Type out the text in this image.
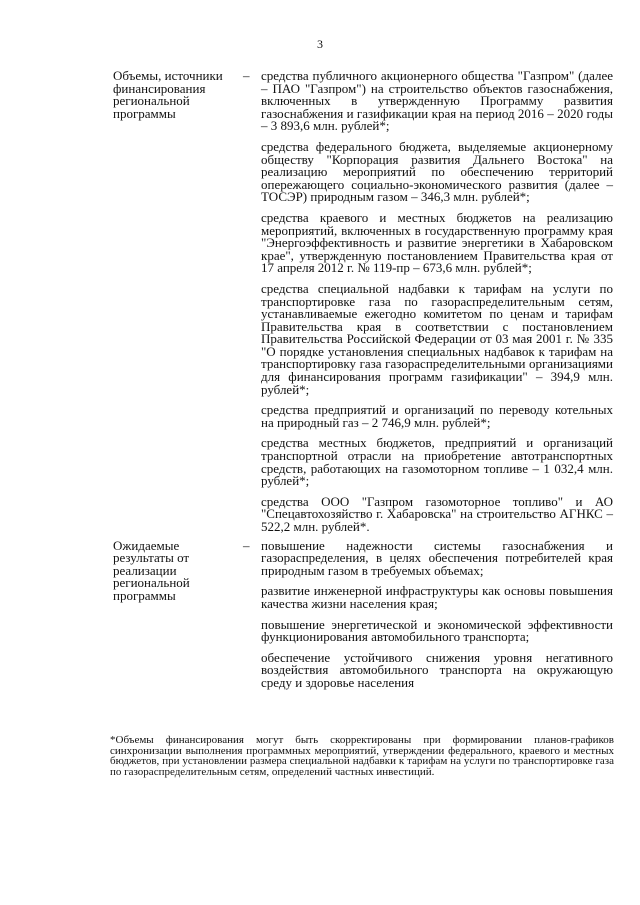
3
Объемы, источники финансирования региональной программы
– средства публичного акционерного общества "Газпром" (далее – ПАО "Газпром") на строительство объектов газоснабжения, включенных в утвержденную Программу развития газоснабжения и газификации края на период 2016 – 2020 годы – 3 893,6 млн. рублей*;
средства федерального бюджета, выделяемые акционерному обществу "Корпорация развития Дальнего Востока" на реализацию мероприятий по обеспечению территорий опережающего социально-экономического развития (далее – ТОСЭР) природным газом – 346,3 млн. рублей*;
средства краевого и местных бюджетов на реализацию мероприятий, включенных в государственную программу края "Энергоэффективность и развитие энергетики в Хабаровском крае", утвержденную постановлением Правительства края от 17 апреля 2012 г. № 119-пр – 673,6 млн. рублей*;
средства специальной надбавки к тарифам на услуги по транспортировке газа по газораспределительным сетям, устанавливаемые ежегодно комитетом по ценам и тарифам Правительства края в соответствии с постановлением Правительства Российской Федерации от 03 мая 2001 г. № 335 "О порядке установления специальных надбавок к тарифам на транспортировку газа газораспределительными организациями для финансирования программ газификации" – 394,9 млн. рублей*;
средства предприятий и организаций по переводу котельных на природный газ – 2 746,9 млн. рублей*;
средства местных бюджетов, предприятий и организаций транспортной отрасли на приобретение автотранспортных средств, работающих на газомоторном топливе – 1 032,4 млн. рублей*;
средства ООО "Газпром газомоторное топливо" и АО "Спецавтохозяйство г. Хабаровска" на строительство АГНКС – 522,2 млн. рублей*.
Ожидаемые результаты от реализации региональной программы
– повышение надежности системы газоснабжения и газораспределения, в целях обеспечения потребителей края природным газом в требуемых объемах;
развитие инженерной инфраструктуры как основы повышения качества жизни населения края;
повышение энергетической и экономической эффективности функционирования автомобильного транспорта;
обеспечение устойчивого снижения уровня негативного воздействия автомобильного транспорта на окружающую среду и здоровье населения
*Объемы финансирования могут быть скорректированы при формировании планов-графиков синхронизации выполнения программных мероприятий, утверждении федерального, краевого и местных бюджетов, при установлении размера специальной надбавки к тарифам на услуги по транспортировке газа по газораспределительным сетям, определений частных инвестиций.
